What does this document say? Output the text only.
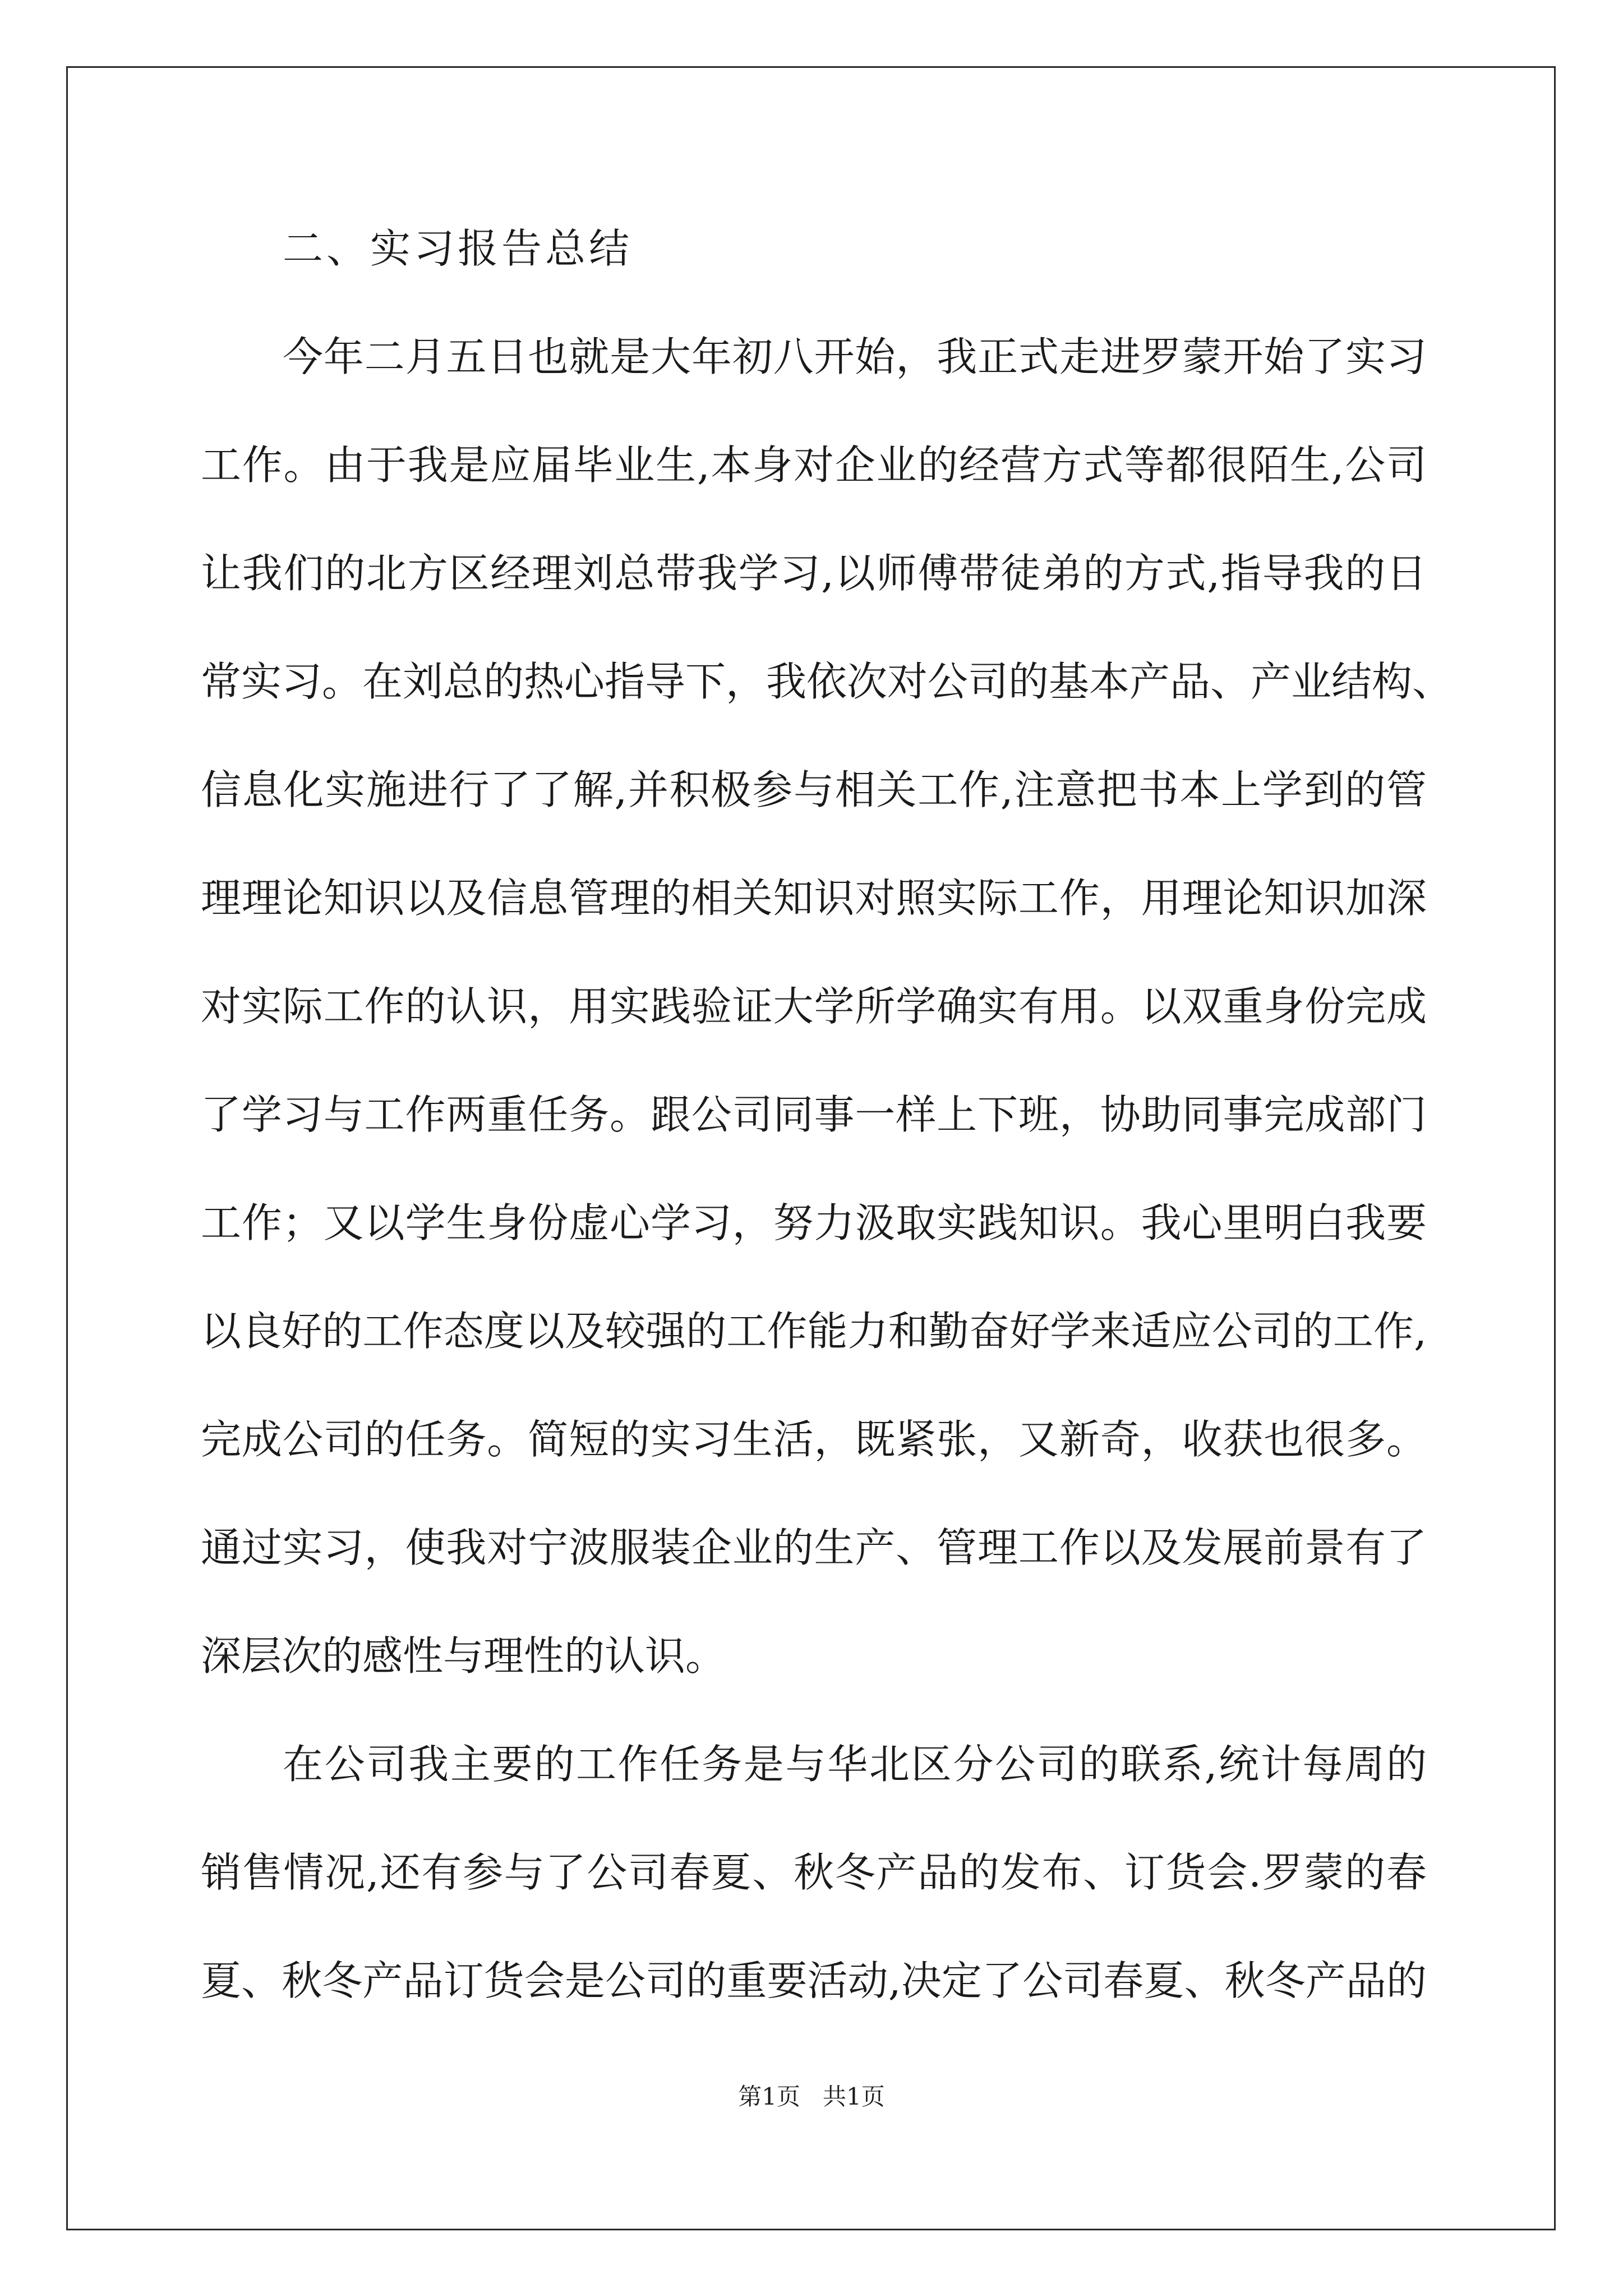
二、实习报告总结
今年二月五日也就是大年初八开始，我正式走进罗蒙开始了实习
工作。由于我是应届毕业生,本身对企业的经营方式等都很陌生,公司
让我们的北方区经理刘总带我学习,以师傅带徒弟的方式,指导我的日
常实习。在刘总的热心指导下，我依次对公司的基本产品、产业结构、
信息化实施进行了了解,并积极参与相关工作,注意把书本上学到的管
理理论知识以及信息管理的相关知识对照实际工作，用理论知识加深
对实际工作的认识，用实践验证大学所学确实有用。以双重身份完成
了学习与工作两重任务。跟公司同事一样上下班，协助同事完成部门
工作；又以学生身份虚心学习，努力汲取实践知识。我心里明白我要
以良好的工作态度以及较强的工作能力和勤奋好学来适应公司的工作,
完成公司的任务。简短的实习生活，既紧张，又新奇，收获也很多。
通过实习，使我对宁波服装企业的生产、管理工作以及发展前景有了
深层次的感性与理性的认识。
在公司我主要的工作任务是与华北区分公司的联系,统计每周的
销售情况,还有参与了公司春夏、秋冬产品的发布、订货会.罗蒙的春
夏、秋冬产品订货会是公司的重要活动,决定了公司春夏、秋冬产品的
第1页   共1页
